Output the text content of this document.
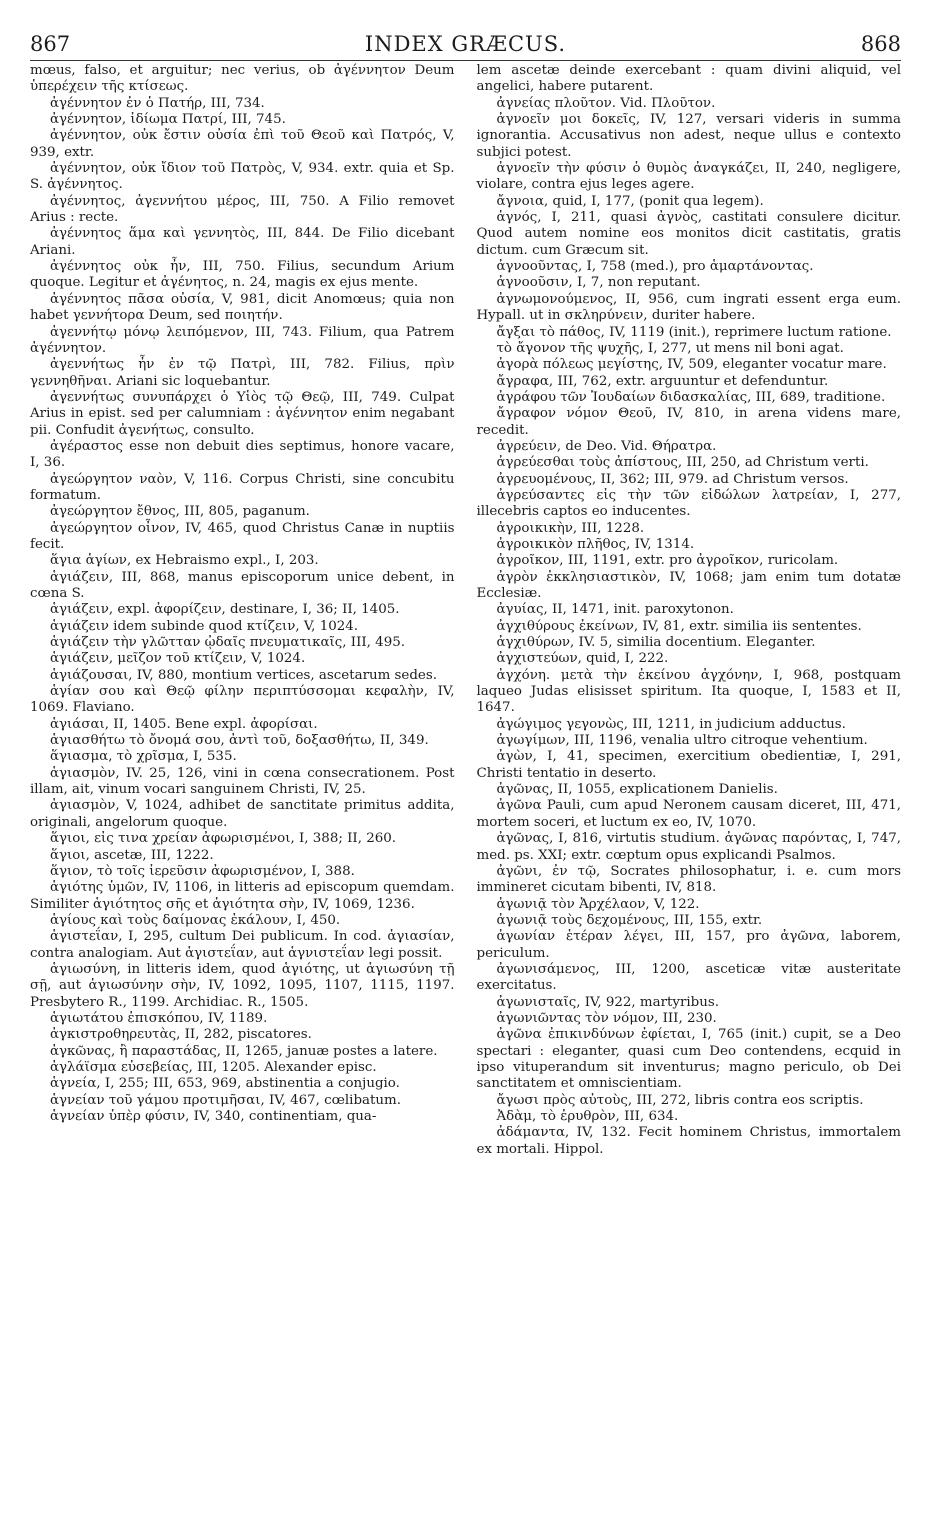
867	INDEX GRÆCUS.	868

mœus, falso, et arguitur; nec verius, ob ἀγέννητον Deum ὑπερέχειν τῆς κτίσεως.

ἀγέννητον ἐν ὁ Πατήρ, III, 734.

ἀγέννητον, ἰδίωμα Πατρί, III, 745.

ἀγέννητον, οὐκ ἔστιν οὐσία ἐπὶ τοῦ Θεοῦ καὶ Πατρός, V, 939, extr.

ἀγέννητον, οὐκ ἴδιον τοῦ Πατρὸς, V, 934. extr. quia et Sp. S. ἀγέννητος.

ἀγέννητος, ἀγεννήτου μέρος, III, 750. A Filio removet Arius : recte.

ἀγέννητος ἅμα καὶ γεννητὸς, III, 844. De Filio dicebant Ariani.

ἀγέννητος οὐκ ἦν, III, 750. Filius, secundum Arium quoque. Legitur et ἀγένητος, n. 24, magis ex ejus mente.

ἀγέννητος πᾶσα οὐσία, V, 981, dicit Anomœus; quia non habet γεννήτορα Deum, sed ποιητήν.

ἀγεννήτῳ μόνῳ λειπόμενον, III, 743. Filium, qua Patrem ἀγέννητον.

ἀγεννήτως ἦν ἐν τῷ Πατρὶ, III, 782. Filius, πρὶν γεννηθῆναι. Ariani sic loquebantur.

ἀγεννήτως συνυπάρχει ὁ Υἱὸς τῷ Θεῷ, III, 749. Culpat Arius in epist. sed per calumniam : ἀγέννητον enim negabant pii. Confudit ἀγενήτως, consulto.

ἀγέραστος esse non debuit dies septimus, honore vacare, I, 36.

ἀγεώργητον ναὸν, V, 116. Corpus Christi, sine concubitu formatum.

ἀγεώργητον ἔθνος, III, 805, paganum.

ἀγεώργητον οἶνον, IV, 465, quod Christus Canæ in nuptiis fecit.

ἅγια ἁγίων, ex Hebraismo expl., I, 203.

ἁγιάζειν, III, 868, manus episcoporum unice debent, in cœna S.

ἁγιάζειν, expl. ἀφορίζειν, destinare, I, 36; II, 1405.

ἁγιάζειν idem subinde quod κτίζειν, V, 1024.

ἁγιάζειν τὴν γλῶτταν ᾠδαῖς πνευματικαῖς, III, 495.

ἁγιάζειν, μεῖζον τοῦ κτίζειν, V, 1024.

ἁγιάζουσαι, IV, 880, montium vertices, ascetarum sedes.

ἁγίαν σου καὶ Θεῷ φίλην περιπτύσσομαι κεφαλὴν, IV, 1069. Flaviano.

ἁγιάσαι, II, 1405. Bene expl. ἀφορίσαι.

ἁγιασθήτω τὸ ὄνομά σου, ἀντὶ τοῦ, δοξασθήτω, II, 349.

ἅγιασμα, τὸ χρῖσμα, I, 535.

ἁγιασμὸν, IV. 25, 126, vini in cœna consecrationem. Post illam, ait, vinum vocari sanguinem Christi, IV, 25.

ἁγιασμὸν, V, 1024, adhibet de sanctitate primitus addita, originali, angelorum quoque.

ἅγιοι, εἰς τινα χρείαν ἀφωρισμένοι, I, 388; II, 260.

ἅγιοι, ascetæ, III, 1222.

ἅγιον, τὸ τοῖς ἱερεῦσιν ἀφωρισμένον, I, 388.

ἁγιότης ὑμῶν, IV, 1106, in litteris ad episcopum quemdam. Similiter ἁγιότητος σῆς et ἁγιότητα σὴν, IV, 1069, 1236.

ἁγίους καὶ τοὺς δαίμονας ἐκάλουν, I, 450.

ἁγιστεΐαν, I, 295, cultum Dei publicum. In cod. ἁγιασίαν, contra analogiam. Aut ἁγιστεΐαν, aut ἁγνιστεΐαν legi possit.

ἁγιωσύνη, in litteris idem, quod ἁγιότης, ut ἁγιωσύνη τῇ σῇ, aut ἁγιωσύνην σὴν, IV, 1092, 1095, 1107, 1115, 1197. Presbytero R., 1199. Archidiac. R., 1505.

ἁγιωτάτου ἐπισκόπου, IV, 1189.

ἀγκιστροθηρευτὰς, II, 282, piscatores.

ἀγκῶνας, ἢ παραστάδας, II, 1265, januæ postes a latere.

ἀγλάϊσμα εὐσεβείας, III, 1205. Alexander episc.

ἁγνεία, I, 255; III, 653, 969, abstinentia a conjugio.

ἁγνείαν τοῦ γάμου προτιμῆσαι, IV, 467, cœlibatum.

ἁγνείαν ὑπὲρ φύσιν, IV, 340, continentiam, qua-

lem ascetæ deinde exercebant : quam divini aliquid, vel angelici, habere putarent.

ἀγνείας πλοῦτον. Vid. Πλοῦτον.

ἀγνοεῖν μοι δοκεῖς, IV, 127, versari videris in summa ignorantia. Accusativus non adest, neque ullus e contexto subjici potest.

ἀγνοεῖν τὴν φύσιν ὁ θυμὸς ἀναγκάζει, II, 240, negligere, violare, contra ejus leges agere.

ἄγνοια, quid, I, 177, (ponit qua legem).

ἁγνός, I, 211, quasi ἀγνὸς, castitati consulere dicitur. Quod autem nomine eos monitos dicit castitatis, gratis dictum. cum Græcum sit.

ἀγνοοῦντας, I, 758 (med.), pro ἁμαρτάνοντας.

ἀγνοοῦσιν, I, 7, non reputant.

ἀγνωμονούμενος, II, 956, cum ingrati essent erga eum. Hypall. ut in σκληρύνειν, duriter habere.

ἄγξαι τὸ πάθος, IV, 1119 (init.), reprimere luctum ratione.

τὸ ἄγονον τῆς ψυχῆς, I, 277, ut mens nil boni agat.

ἀγορὰ πόλεως μεγίστης, IV, 509, eleganter vocatur mare.

ἄγραφα, III, 762, extr. arguuntur et defenduntur.

ἀγράφου τῶν Ἰουδαίων διδασκαλίας, III, 689, traditione.

ἄγραφον νόμον Θεοῦ, IV, 810, in arena videns mare, recedit.

ἀγρεύειν, de Deo. Vid. Θήρατρα.

ἀγρεύεσθαι τοὺς ἀπίστους, III, 250, ad Christum verti.

ἀγρευομένους, II, 362; III, 979. ad Christum versos.

ἀγρεύσαντες εἰς τὴν τῶν εἰδώλων λατρείαν, I, 277, illecebris captos eo inducentes.

ἀγροικικὴν, III, 1228.

ἀγροικικὸν πλῆθος, IV, 1314.

ἀγροῖκον, III, 1191, extr. pro ἀγροῖκον, ruricolam.

ἀγρὸν ἐκκλησιαστικὸν, IV, 1068; jam enim tum dotatæ Ecclesiæ.

ἀγυίας, II, 1471, init. paroxytonon.

ἀγχιθύρους ἐκείνων, IV, 81, extr. similia iis sententes.

ἀγχιθύρων, IV. 5, similia docentium. Eleganter.

ἀγχιστεύων, quid, I, 222.

ἀγχόνη. μετὰ τὴν ἐκείνου ἀγχόνην, I, 968, postquam laqueo Judas elisisset spiritum. Ita quoque, I, 1583 et II, 1647.

ἀγώγιμος γεγονὼς, III, 1211, in judicium adductus.

ἀγωγίμων, III, 1196, venalia ultro citroque vehentium.

ἀγὼν, I, 41, specimen, exercitium obedientiæ, I, 291, Christi tentatio in deserto.

ἀγῶνας, II, 1055, explicationem Danielis.

ἀγῶνα Pauli, cum apud Neronem causam diceret, III, 471, mortem soceri, et luctum ex eo, IV, 1070.

ἀγῶνας, I, 816, virtutis studium. ἀγῶνας παρόντας, I, 747, med. ps. XXI; extr. cœptum opus explicandi Psalmos.

ἀγῶνι, ἐν τῷ, Socrates philosophatur, i. e. cum mors immineret cicutam bibenti, IV, 818.

ἀγωνιᾷ τὸν Ἀρχέλαον, V, 122.

ἀγωνιᾷ τοὺς δεχομένους, III, 155, extr.

ἀγωνίαν ἑτέραν λέγει, III, 157, pro ἀγῶνα, laborem, periculum.

ἀγωνισάμενος, III, 1200, asceticæ vitæ austeritate exercitatus.

ἀγωνισταῖς, IV, 922, martyribus.

ἀγωνιῶντας τὸν νόμον, III, 230.

ἀγῶνα ἐπικινδύνων ἐφίεται, I, 765 (init.) cupit, se a Deo spectari : eleganter, quasi cum Deo contendens, ecquid in ipso vituperandum sit inventurus; magno periculo, ob Dei sanctitatem et omniscientiam.

ἄγωσι πρὸς αὐτοὺς, III, 272, libris contra eos scriptis.

Ἀδὰμ, τὸ ἐρυθρὸν, III, 634.

ἀδάμαντα, IV, 132. Fecit hominem Christus, immortalem ex mortali. Hippol.
